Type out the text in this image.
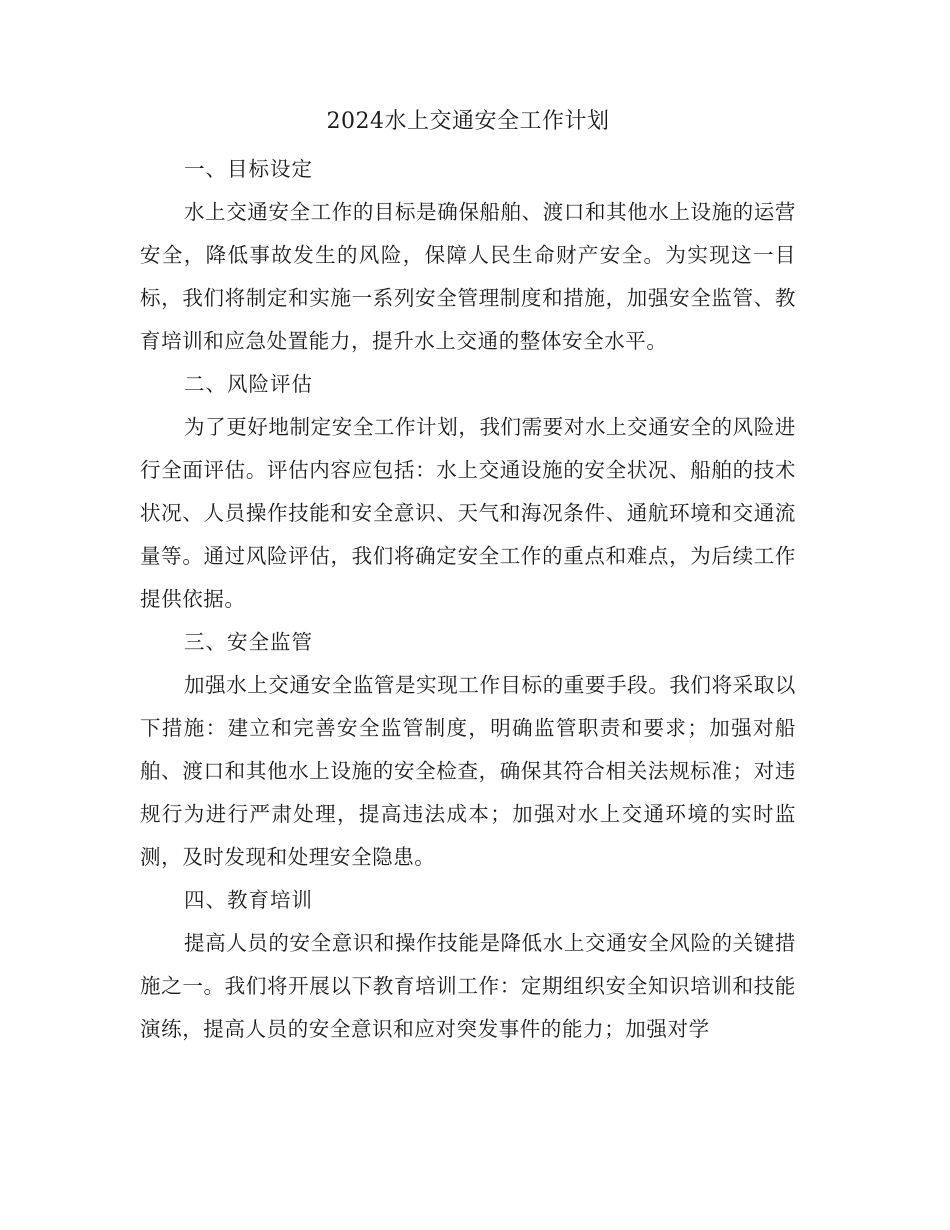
2024水上交通安全工作计划

一、目标设定

水上交通安全工作的目标是确保船舶、渡口和其他水上设施的运营安全，降低事故发生的风险，保障人民生命财产安全。为实现这一目标，我们将制定和实施一系列安全管理制度和措施，加强安全监管、教育培训和应急处置能力，提升水上交通的整体安全水平。

二、风险评估

为了更好地制定安全工作计划，我们需要对水上交通安全的风险进行全面评估。评估内容应包括：水上交通设施的安全状况、船舶的技术状况、人员操作技能和安全意识、天气和海况条件、通航环境和交通流量等。通过风险评估，我们将确定安全工作的重点和难点，为后续工作提供依据。

三、安全监管

加强水上交通安全监管是实现工作目标的重要手段。我们将采取以下措施：建立和完善安全监管制度，明确监管职责和要求；加强对船舶、渡口和其他水上设施的安全检查，确保其符合相关法规标准；对违规行为进行严肃处理，提高违法成本；加强对水上交通环境的实时监测，及时发现和处理安全隐患。

四、教育培训

提高人员的安全意识和操作技能是降低水上交通安全风险的关键措施之一。我们将开展以下教育培训工作：定期组织安全知识培训和技能演练，提高人员的安全意识和应对突发事件的能力；加强对学
